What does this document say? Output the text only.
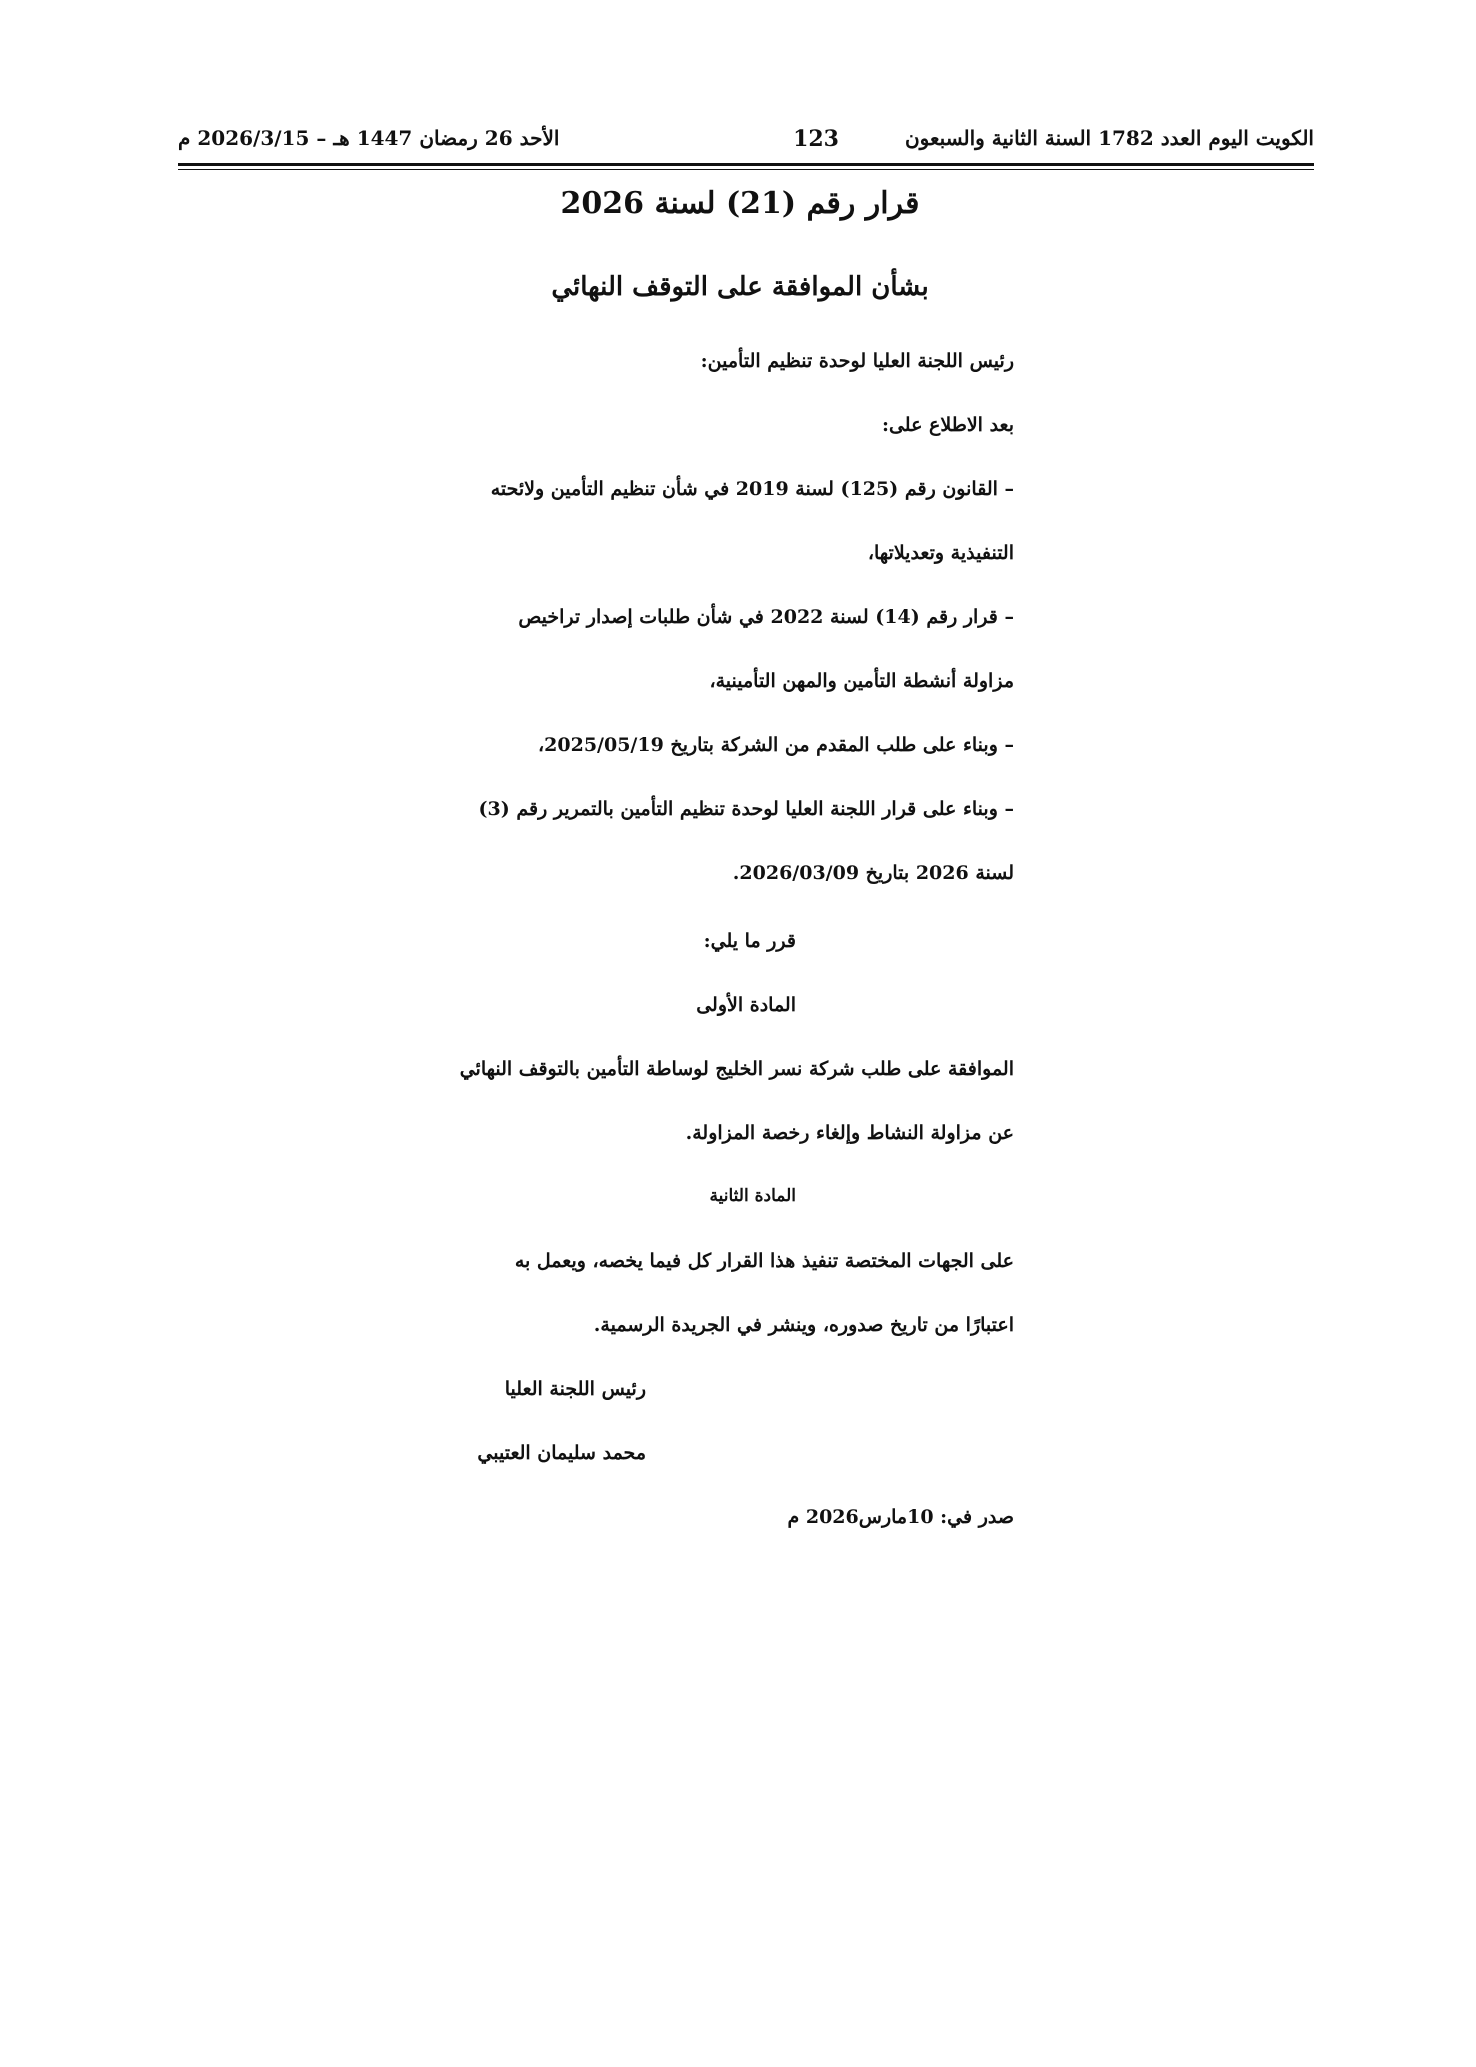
الكويت اليوم العدد 1782 السنة الثانية والسبعون
123
الأحد 26 رمضان 1447 هـ – 2026/3/15 م
قرار رقم (21) لسنة 2026
بشأن الموافقة على التوقف النهائي
رئيس اللجنة العليا لوحدة تنظيم التأمين:
بعد الاطلاع على:
– القانون رقم (125) لسنة 2019 في شأن تنظيم التأمين ولائحته
التنفيذية وتعديلاتها،
– قرار رقم (14) لسنة 2022 في شأن طلبات إصدار تراخيص
مزاولة أنشطة التأمين والمهن التأمينية،
– وبناء على طلب المقدم من الشركة بتاريخ 2025/05/19،
– وبناء على قرار اللجنة العليا لوحدة تنظيم التأمين بالتمرير رقم (3)
لسنة 2026 بتاريخ 2026/03/09.
قرر ما يلي:
المادة الأولى
الموافقة على طلب شركة نسر الخليج لوساطة التأمين بالتوقف النهائي
عن مزاولة النشاط وإلغاء رخصة المزاولة.
المادة الثانية
على الجهات المختصة تنفيذ هذا القرار كل فيما يخصه، ويعمل به
اعتبارًا من تاريخ صدوره، وينشر في الجريدة الرسمية.
رئيس اللجنة العليا
محمد سليمان العتيبي
صدر في: 10مارس2026 م
